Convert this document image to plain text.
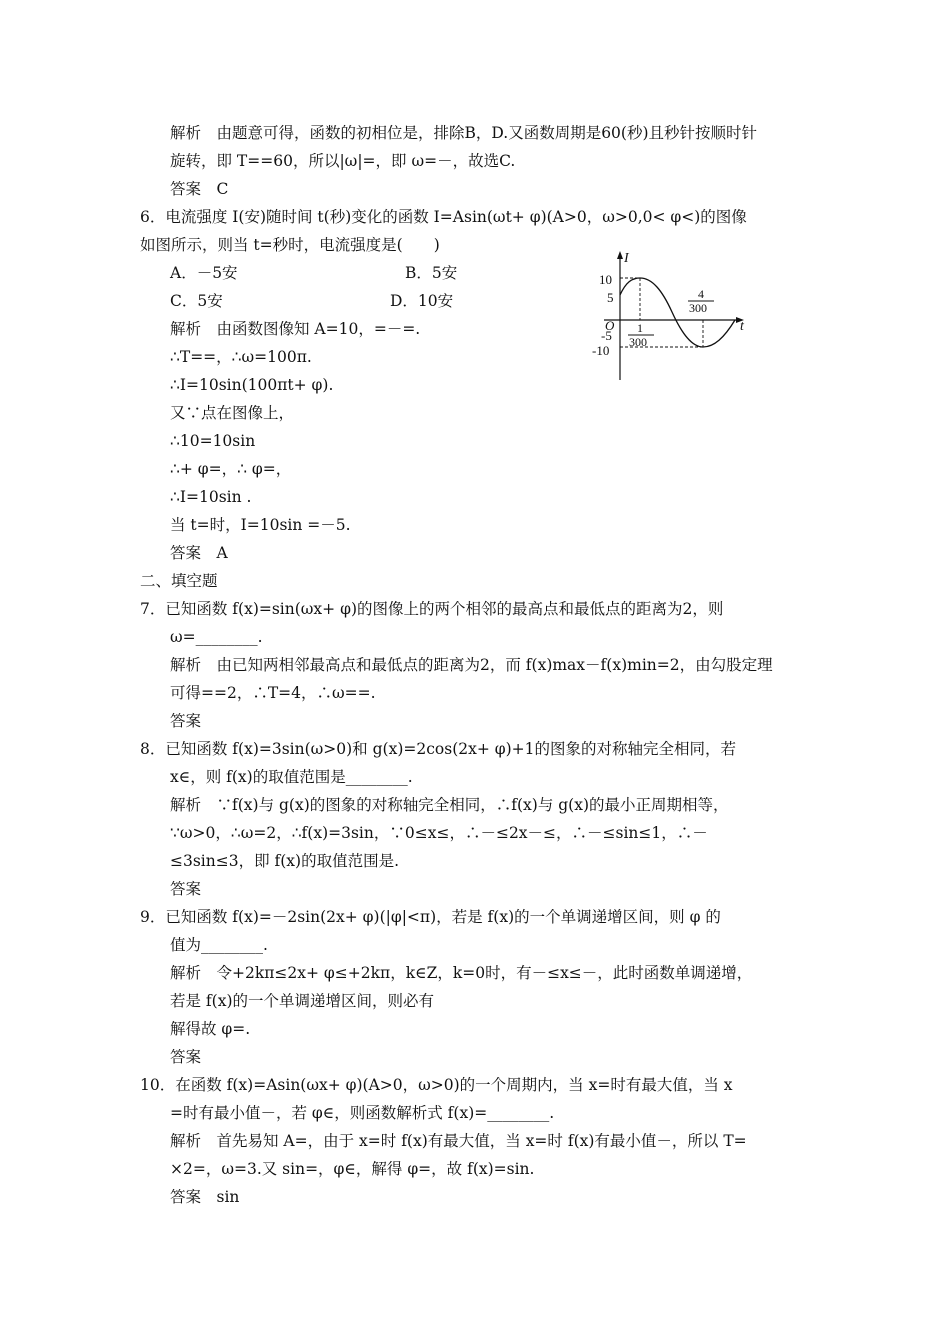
解析　由题意可得，函数的初相位是，排除B，D.又函数周期是60(秒)且秒针按顺时针
旋转，即 T==60，所以|ω|=，即 ω=－，故选C.
答案　C
6．电流强度 I(安)随时间 t(秒)变化的函数 I=Asin(ωt+ φ)(A>0，ω>0,0< φ<)的图像
如图所示，则当 t=秒时，电流强度是(　　)
A．－5安	B．5安
C．5安	D．10安
解析　由函数图像知 A=10，=－=.
∴T==，∴ω=100π.
∴I=10sin(100πt+ φ).
又∵点在图像上，
∴10=10sin
∴+ φ=，∴ φ=，
∴I=10sin .
当 t=时，I=10sin =－5.
答案　A
I
t
O
10
5
-5
-10
1
300
4
300
二、填空题
7．已知函数 f(x)=sin(ωx+ φ)的图像上的两个相邻的最高点和最低点的距离为2，则
ω=________.
解析　由已知两相邻最高点和最低点的距离为2，而 f(x)max－f(x)min=2，由勾股定理
可得==2，∴T=4，∴ω==.
答案
8．已知函数 f(x)=3sin(ω>0)和 g(x)=2cos(2x+ φ)+1的图象的对称轴完全相同，若
x∈，则 f(x)的取值范围是________.
解析　∵f(x)与 g(x)的图象的对称轴完全相同，∴f(x)与 g(x)的最小正周期相等，
∵ω>0，∴ω=2，∴f(x)=3sin，∵0≤x≤，∴－≤2x－≤，∴－≤sin≤1，∴－
≤3sin≤3，即 f(x)的取值范围是.
答案
9．已知函数 f(x)=－2sin(2x+ φ)(|φ|<π)，若是 f(x)的一个单调递增区间，则 φ 的
值为________.
解析　令+2kπ≤2x+ φ≤+2kπ，k∈Z，k=0时，有－≤x≤－，此时函数单调递增，
若是 f(x)的一个单调递增区间，则必有
解得故 φ=.
答案
10．在函数 f(x)=Asin(ωx+ φ)(A>0，ω>0)的一个周期内，当 x=时有最大值，当 x
=时有最小值－，若 φ∈，则函数解析式 f(x)=________.
解析　首先易知 A=，由于 x=时 f(x)有最大值，当 x=时 f(x)有最小值－，所以 T=
×2=，ω=3.又 sin=，φ∈，解得 φ=，故 f(x)=sin.
答案　sin
